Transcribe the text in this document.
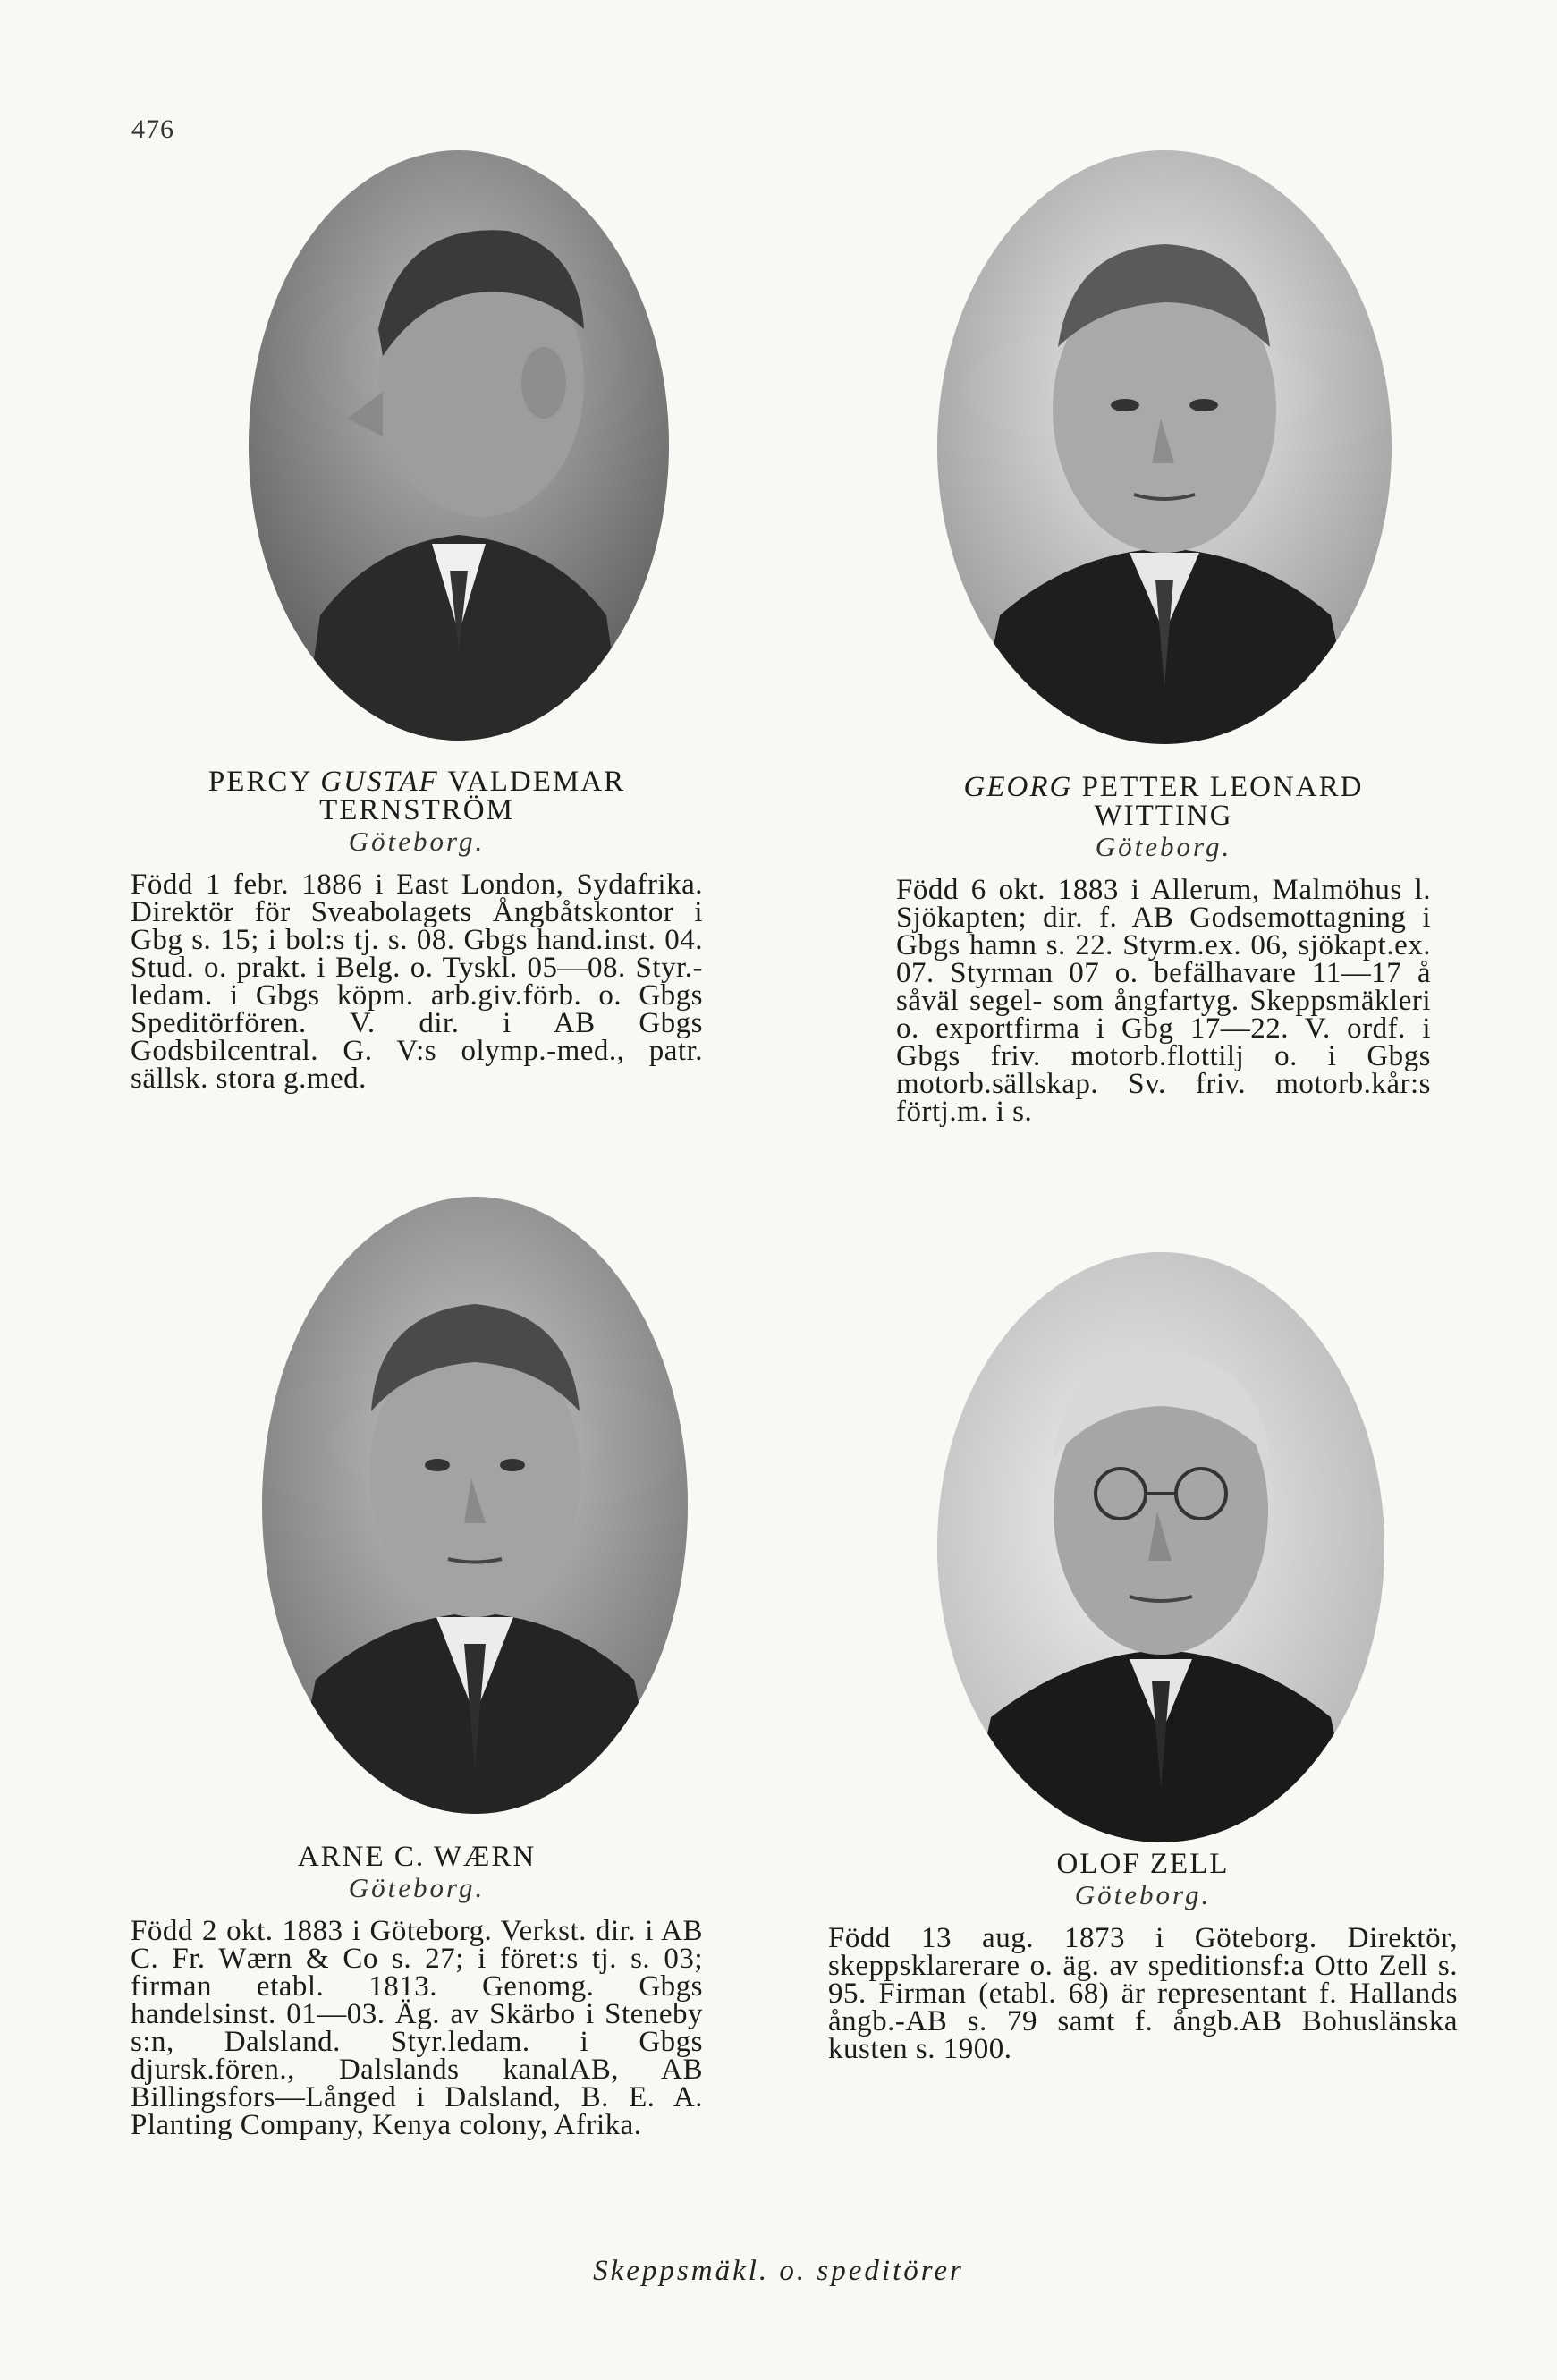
476
PERCY GUSTAF VALDEMAR
TERNSTRÖM
Göteborg.
Född 1 febr. 1886 i East London, Sydafrika. Direktör för Sveabolagets Ångbåtskontor i Gbg s. 15; i bol:s tj. s. 08. Gbgs hand.inst. 04. Stud. o. prakt. i Belg. o. Tyskl. 05—08. Styr.-ledam. i Gbgs köpm. arb.giv.förb. o. Gbgs Speditörfören. V. dir. i AB Gbgs Godsbilcentral. G. V:s olymp.-med., patr. sällsk. stora g.med.
GEORG PETTER LEONARD
WITTING
Göteborg.
Född 6 okt. 1883 i Allerum, Malmöhus l. Sjökapten; dir. f. AB Godsemottagning i Gbgs hamn s. 22. Styrm.ex. 06, sjökapt.ex. 07. Styrman 07 o. befälhavare 11—17 å såväl segel- som ångfartyg. Skeppsmäkleri o. exportfirma i Gbg 17—22. V. ordf. i Gbgs friv. motorb.flottilj o. i Gbgs motorb.sällskap. Sv. friv. motorb.kår:s förtj.m. i s.
ARNE C. WÆRN
Göteborg.
Född 2 okt. 1883 i Göteborg. Verkst. dir. i AB C. Fr. Wærn & Co s. 27; i föret:s tj. s. 03; firman etabl. 1813. Genomg. Gbgs handelsinst. 01—03. Äg. av Skärbo i Steneby s:n, Dalsland. Styr.ledam. i Gbgs djursk.fören., Dalslands kanalAB, AB Billingsfors—Långed i Dalsland, B. E. A. Planting Company, Kenya colony, Afrika.
OLOF ZELL
Göteborg.
Född 13 aug. 1873 i Göteborg. Direktör, skeppsklarerare o. äg. av speditionsf:a Otto Zell s. 95. Firman (etabl. 68) är representant f. Hallands ångb.-AB s. 79 samt f. ångb.AB Bohuslänska kusten s. 1900.
Skeppsmäkl. o. speditörer
